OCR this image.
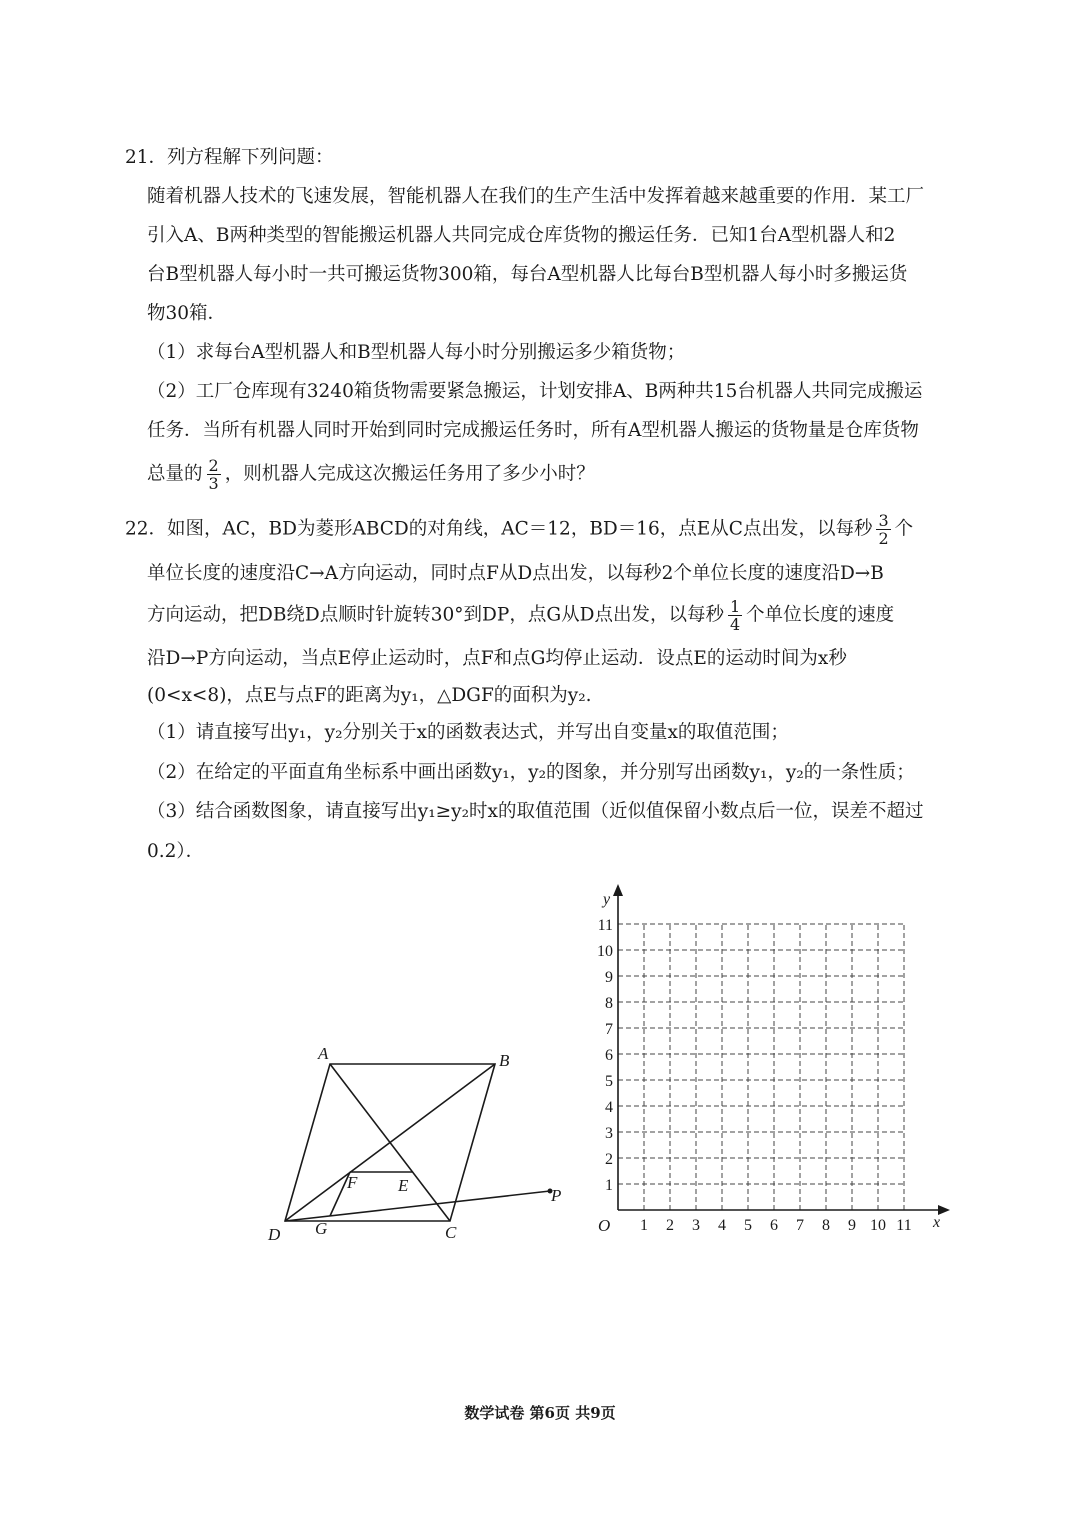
21．列方程解下列问题：
随着机器人技术的飞速发展，智能机器人在我们的生产生活中发挥着越来越重要的作用．某工厂
引入A、B两种类型的智能搬运机器人共同完成仓库货物的搬运任务．已知1台A型机器人和2
台B型机器人每小时一共可搬运货物300箱，每台A型机器人比每台B型机器人每小时多搬运货
物30箱．
（1）求每台A型机器人和B型机器人每小时分别搬运多少箱货物；
（2）工厂仓库现有3240箱货物需要紧急搬运，计划安排A、B两种共15台机器人共同完成搬运
任务．当所有机器人同时开始到同时完成搬运任务时，所有A型机器人搬运的货物量是仓库货物
总量的 $\frac{2}{3}$ ，则机器人完成这次搬运任务用了多少小时？
22．如图，AC，BD为菱形ABCD的对角线，AC＝12，BD＝16，点E从C点出发，以每秒 $\frac{3}{2}$ 个
单位长度的速度沿C→A方向运动，同时点F从D点出发，以每秒2个单位长度的速度沿D→B
方向运动，把DB绕D点顺时针旋转30°到DP，点G从D点出发，以每秒 $\frac{1}{4}$ 个单位长度的速度
沿D→P方向运动，当点E停止运动时，点F和点G均停止运动．设点E的运动时间为x秒
(0<x<8)，点E与点F的距离为y₁，△DGF的面积为y₂.
（1）请直接写出y₁，y₂分别关于x的函数表达式，并写出自变量x的取值范围；
（2）在给定的平面直角坐标系中画出函数y₁，y₂的图象，并分别写出函数y₁，y₂的一条性质；
（3）结合函数图象，请直接写出y₁≥y₂时x的取值范围（近似值保留小数点后一位，误差不超过
0.2）．
A	B
C
D
E
F
G
P
1 2 3 4 5 6 7 8 9 10 11
1
2
3
4
5
6
7
8
9
10
11
x
y
O
数学试卷 第6页 共9页
